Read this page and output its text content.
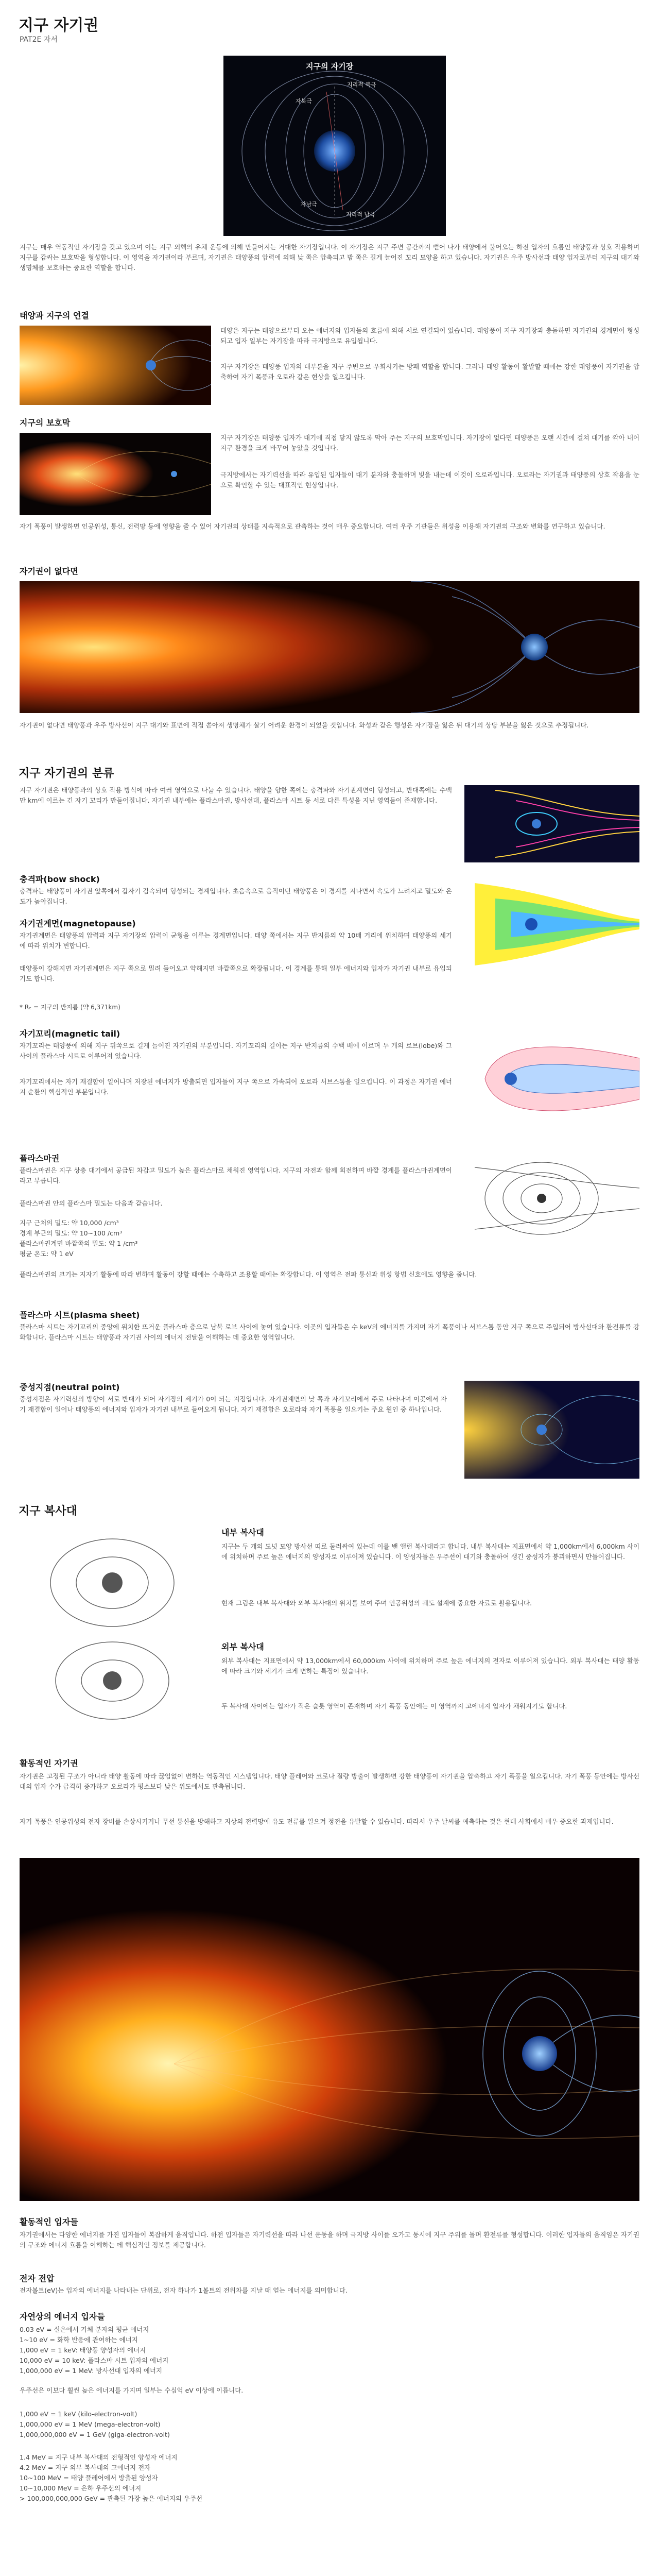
지구 자기권
PAT2E 자서
지구의 자기장
지리적 북극
자북극
지리적 남극
자남극
지구는 매우 역동적인 자기장을 갖고 있으며 이는 지구 외핵의 유체 운동에 의해 만들어지는 거대한 자기장입니다. 이 자기장은 지구 주변 공간까지 뻗어 나가 태양에서 불어오는 하전 입자의 흐름인 태양풍과 상호 작용하며 지구를 감싸는 보호막을 형성합니다. 이 영역을 자기권이라 부르며, 자기권은 태양풍의 압력에 의해 낮 쪽은 압축되고 밤 쪽은 길게 늘어진 꼬리 모양을 하고 있습니다. 자기권은 우주 방사선과 태양 입자로부터 지구의 대기와 생명체를 보호하는 중요한 역할을 합니다.
태양과 지구의 연결
태양은 지구는 태양으로부터 오는 에너지와 입자들의 흐름에 의해 서로 연결되어 있습니다. 태양풍이 지구 자기장과 충돌하면 자기권의 경계면이 형성되고 입자 일부는 자기장을 따라 극지방으로 유입됩니다.
지구 자기장은 태양풍 입자의 대부분을 지구 주변으로 우회시키는 방패 역할을 합니다. 그러나 태양 활동이 활발할 때에는 강한 태양풍이 자기권을 압축하여 자기 폭풍과 오로라 같은 현상을 일으킵니다.
지구의 보호막
지구 자기장은 태양풍 입자가 대기에 직접 닿지 않도록 막아 주는 지구의 보호막입니다. 자기장이 없다면 태양풍은 오랜 시간에 걸쳐 대기를 깎아 내어 지구 환경을 크게 바꾸어 놓았을 것입니다.
극지방에서는 자기력선을 따라 유입된 입자들이 대기 분자와 충돌하며 빛을 내는데 이것이 오로라입니다. 오로라는 자기권과 태양풍의 상호 작용을 눈으로 확인할 수 있는 대표적인 현상입니다.
자기 폭풍이 발생하면 인공위성, 통신, 전력망 등에 영향을 줄 수 있어 자기권의 상태를 지속적으로 관측하는 것이 매우 중요합니다. 여러 우주 기관들은 위성을 이용해 자기권의 구조와 변화를 연구하고 있습니다.
자기권이 없다면
자기권이 없다면 태양풍과 우주 방사선이 지구 대기와 표면에 직접 쏟아져 생명체가 살기 어려운 환경이 되었을 것입니다. 화성과 같은 행성은 자기장을 잃은 뒤 대기의 상당 부분을 잃은 것으로 추정됩니다.
지구 자기권의 분류
지구 자기권은 태양풍과의 상호 작용 방식에 따라 여러 영역으로 나눌 수 있습니다. 태양을 향한 쪽에는 충격파와 자기권계면이 형성되고, 반대쪽에는 수백만 km에 이르는 긴 자기 꼬리가 만들어집니다. 자기권 내부에는 플라스마권, 방사선대, 플라스마 시트 등 서로 다른 특성을 지닌 영역들이 존재합니다.
충격파(bow shock)
충격파는 태양풍이 자기권 앞쪽에서 갑자기 감속되며 형성되는 경계입니다. 초음속으로 움직이던 태양풍은 이 경계를 지나면서 속도가 느려지고 밀도와 온도가 높아집니다.
자기권계면(magnetopause)
자기권계면은 태양풍의 압력과 지구 자기장의 압력이 균형을 이루는 경계면입니다. 태양 쪽에서는 지구 반지름의 약 10배 거리에 위치하며 태양풍의 세기에 따라 위치가 변합니다.
태양풍이 강해지면 자기권계면은 지구 쪽으로 밀려 들어오고 약해지면 바깥쪽으로 확장됩니다. 이 경계를 통해 일부 에너지와 입자가 자기권 내부로 유입되기도 합니다.
* Rₑ = 지구의 반지름 (약 6,371km)
자기꼬리(magnetic tail)
자기꼬리는 태양풍에 의해 지구 뒤쪽으로 길게 늘어진 자기권의 부분입니다. 자기꼬리의 길이는 지구 반지름의 수백 배에 이르며 두 개의 로브(lobe)와 그 사이의 플라스마 시트로 이루어져 있습니다.
자기꼬리에서는 자기 재결합이 일어나며 저장된 에너지가 방출되면 입자들이 지구 쪽으로 가속되어 오로라 서브스톰을 일으킵니다. 이 과정은 자기권 에너지 순환의 핵심적인 부분입니다.
플라스마권
플라스마권은 지구 상층 대기에서 공급된 차갑고 밀도가 높은 플라스마로 채워진 영역입니다. 지구의 자전과 함께 회전하며 바깥 경계를 플라스마권계면이라고 부릅니다.
플라스마권 안의 플라스마 밀도는 다음과 같습니다.
지구 근처의 밀도: 약 10,000 /cm³
경계 부근의 밀도: 약 10~100 /cm³
플라스마권계면 바깥쪽의 밀도: 약 1 /cm³
평균 온도: 약 1 eV
플라스마권의 크기는 지자기 활동에 따라 변하며 활동이 강할 때에는 수축하고 조용할 때에는 확장합니다. 이 영역은 전파 통신과 위성 항법 신호에도 영향을 줍니다.
플라스마 시트(plasma sheet)
플라스마 시트는 자기꼬리의 중앙에 위치한 뜨거운 플라스마 층으로 남북 로브 사이에 놓여 있습니다. 이곳의 입자들은 수 keV의 에너지를 가지며 자기 폭풍이나 서브스톰 동안 지구 쪽으로 주입되어 방사선대와 환전류를 강화합니다. 플라스마 시트는 태양풍과 자기권 사이의 에너지 전달을 이해하는 데 중요한 영역입니다.
중성지점(neutral point)
중성지점은 자기력선의 방향이 서로 반대가 되어 자기장의 세기가 0이 되는 지점입니다. 자기권계면의 낮 쪽과 자기꼬리에서 주로 나타나며 이곳에서 자기 재결합이 일어나 태양풍의 에너지와 입자가 자기권 내부로 들어오게 됩니다. 자기 재결합은 오로라와 자기 폭풍을 일으키는 주요 원인 중 하나입니다.
지구 복사대
내부 복사대
지구는 두 개의 도넛 모양 방사선 띠로 둘러싸여 있는데 이를 밴 앨런 복사대라고 합니다. 내부 복사대는 지표면에서 약 1,000km에서 6,000km 사이에 위치하며 주로 높은 에너지의 양성자로 이루어져 있습니다. 이 양성자들은 우주선이 대기와 충돌하여 생긴 중성자가 붕괴하면서 만들어집니다.
현재 그림은 내부 복사대와 외부 복사대의 위치를 보여 주며 인공위성의 궤도 설계에 중요한 자료로 활용됩니다.
외부 복사대
외부 복사대는 지표면에서 약 13,000km에서 60,000km 사이에 위치하며 주로 높은 에너지의 전자로 이루어져 있습니다. 외부 복사대는 태양 활동에 따라 크기와 세기가 크게 변하는 특징이 있습니다.
두 복사대 사이에는 입자가 적은 슬롯 영역이 존재하며 자기 폭풍 동안에는 이 영역까지 고에너지 입자가 채워지기도 합니다.
활동적인 자기권
자기권은 고정된 구조가 아니라 태양 활동에 따라 끊임없이 변하는 역동적인 시스템입니다. 태양 플레어와 코로나 질량 방출이 발생하면 강한 태양풍이 자기권을 압축하고 자기 폭풍을 일으킵니다. 자기 폭풍 동안에는 방사선대의 입자 수가 급격히 증가하고 오로라가 평소보다 낮은 위도에서도 관측됩니다.
자기 폭풍은 인공위성의 전자 장비를 손상시키거나 무선 통신을 방해하고 지상의 전력망에 유도 전류를 일으켜 정전을 유발할 수 있습니다. 따라서 우주 날씨를 예측하는 것은 현대 사회에서 매우 중요한 과제입니다.
활동적인 입자들
자기권에서는 다양한 에너지를 가진 입자들이 복잡하게 움직입니다. 하전 입자들은 자기력선을 따라 나선 운동을 하며 극지방 사이를 오가고 동시에 지구 주위를 돌며 환전류를 형성합니다. 이러한 입자들의 움직임은 자기권의 구조와 에너지 흐름을 이해하는 데 핵심적인 정보를 제공합니다.
전자 전압
전자볼트(eV)는 입자의 에너지를 나타내는 단위로, 전자 하나가 1볼트의 전위차를 지날 때 얻는 에너지를 의미합니다.
자연상의 에너지 입자들
0.03 eV = 실온에서 기체 분자의 평균 에너지
1~10 eV = 화학 반응에 관여하는 에너지
1,000 eV = 1 keV: 태양풍 양성자의 에너지
10,000 eV = 10 keV: 플라스마 시트 입자의 에너지
1,000,000 eV = 1 MeV: 방사선대 입자의 에너지
우주선은 이보다 훨씬 높은 에너지를 가지며 일부는 수십억 eV 이상에 이릅니다.
1,000 eV = 1 keV (kilo-electron-volt)
1,000,000 eV = 1 MeV (mega-electron-volt)
1,000,000,000 eV = 1 GeV (giga-electron-volt)
1.4 MeV = 지구 내부 복사대의 전형적인 양성자 에너지
4.2 MeV = 지구 외부 복사대의 고에너지 전자
10~100 MeV = 태양 플레어에서 방출된 양성자
10~10,000 MeV = 은하 우주선의 에너지
> 100,000,000,000 GeV = 관측된 가장 높은 에너지의 우주선
